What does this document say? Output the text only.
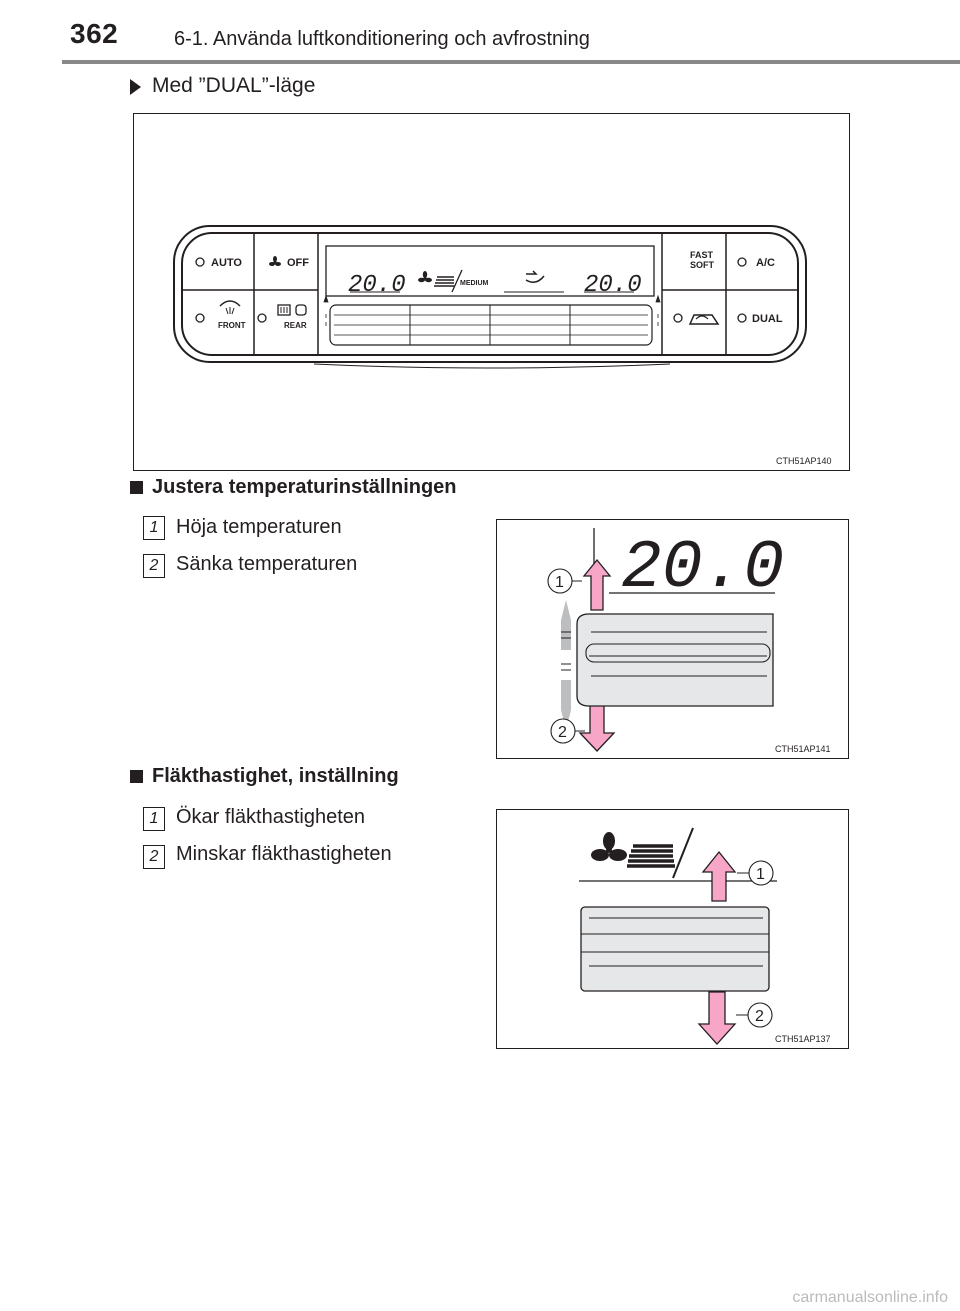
362	6-1. Använda luftkonditionering och avfrostning
Med ”DUAL”-läge
AUTO	OFF
FAST
SOFT	A/C
FRONT	REAR
DUAL
20.0	20.0
MEDIUM
CTH51AP140
Justera temperaturinställningen
1 Höja temperaturen
2 Sänka temperaturen	20.0
1
2
CTH51AP141
Fläkthastighet, inställning
1 Ökar fläkthastigheten
2 Minskar fläkthastigheten
1
2
CTH51AP137
carmanualsonline.info
